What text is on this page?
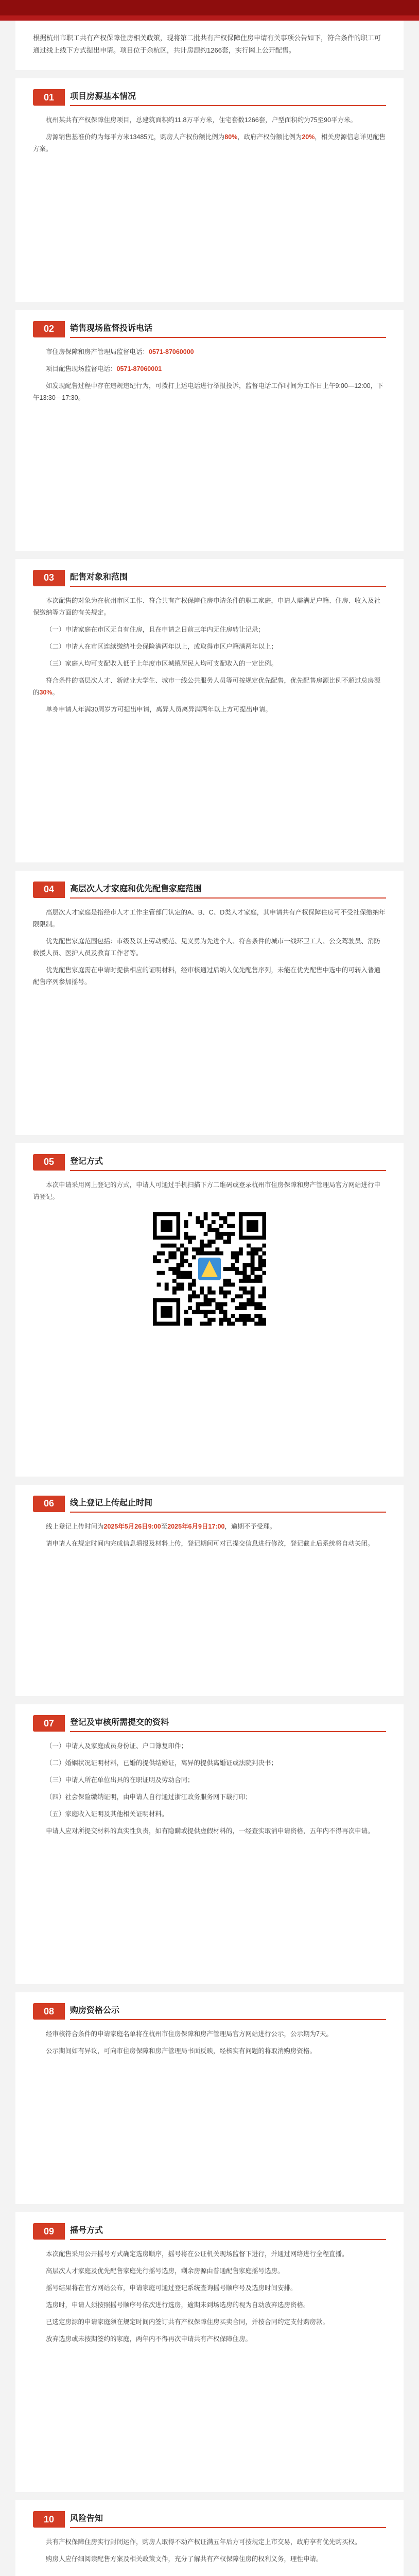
根据杭州市职工共有产权保障住房相关政策，现将第二批共有产权保障住房申请有关事项公告如下，符合条件的职工可通过线上线下方式提出申请。项目位于余杭区，共计房源约1266套，实行网上公开配售。
01	项目房源基本情况

杭州某共有产权保障住房项目，总建筑面积约11.8万平方米，住宅套数1266套，户型面积约为75至90平方米。

房源销售基准价约为每平方米13485元，购房人产权份额比例为80%，政府产权份额比例为20%，相关房源信息详见配售方案。

02	销售现场监督投诉电话

市住房保障和房产管理局监督电话：0571-87060000

项目配售现场监督电话：0571-87060001

如发现配售过程中存在违规违纪行为，可拨打上述电话进行举报投诉，监督电话工作时间为工作日上午9:00—12:00，下午13:30—17:30。

03	配售对象和范围

本次配售的对象为在杭州市区工作、符合共有产权保障住房申请条件的职工家庭，申请人需满足户籍、住房、收入及社保缴纳等方面的有关规定。

（一）申请家庭在市区无自有住房，且在申请之日前三年内无住房转让记录；

（二）申请人在市区连续缴纳社会保险满两年以上，或取得市区户籍满两年以上；

（三）家庭人均可支配收入低于上年度市区城镇居民人均可支配收入的一定比例。

符合条件的高层次人才、新就业大学生、城市一线公共服务人员等可按规定优先配售，优先配售房源比例不超过总房源的30%。

单身申请人年满30周岁方可提出申请，离异人员离异满两年以上方可提出申请。

04	高层次人才家庭和优先配售家庭范围

高层次人才家庭是指经市人才工作主管部门认定的A、B、C、D类人才家庭，其申请共有产权保障住房可不受社保缴纳年限限制。

优先配售家庭范围包括：市级及以上劳动模范、见义勇为先进个人、符合条件的城市一线环卫工人、公交驾驶员、消防救援人员、医护人员及教育工作者等。

优先配售家庭需在申请时提供相应的证明材料，经审核通过后纳入优先配售序列，未能在优先配售中选中的可转入普通配售序列参加摇号。

05	登记方式

本次申请采用网上登记的方式，申请人可通过手机扫描下方二维码或登录杭州市住房保障和房产管理局官方网站进行申请登记。

06	线上登记上传起止时间

线上登记上传时间为2025年5月26日9:00至2025年6月9日17:00，逾期不予受理。

请申请人在规定时间内完成信息填报及材料上传，登记期间可对已提交信息进行修改，登记截止后系统将自动关闭。

07	登记及审核所需提交的资料

（一）申请人及家庭成员身份证、户口簿复印件；

（二）婚姻状况证明材料，已婚的提供结婚证，离异的提供离婚证或法院判决书；

（三）申请人所在单位出具的在职证明及劳动合同；

（四）社会保险缴纳证明，由申请人自行通过浙江政务服务网下载打印；

（五）家庭收入证明及其他相关证明材料。

申请人应对所提交材料的真实性负责，如有隐瞒或提供虚假材料的，一经查实取消申请资格，五年内不得再次申请。

08	购房资格公示

经审核符合条件的申请家庭名单将在杭州市住房保障和房产管理局官方网站进行公示，公示期为7天。

公示期间如有异议，可向市住房保障和房产管理局书面反映，经核实有问题的将取消购房资格。

09	摇号方式

本次配售采用公开摇号方式确定选房顺序，摇号将在公证机关现场监督下进行，并通过网络进行全程直播。

高层次人才家庭及优先配售家庭先行摇号选房，剩余房源由普通配售家庭摇号选房。

摇号结果将在官方网站公布，申请家庭可通过登记系统查询摇号顺序号及选房时间安排。

选房时，申请人须按照摇号顺序号依次进行选房，逾期未到场选房的视为自动放弃选房资格。

已选定房源的申请家庭须在规定时间内签订共有产权保障住房买卖合同，并按合同约定支付购房款。

放弃选房或未按期签约的家庭，两年内不得再次申请共有产权保障住房。

10	风险告知

共有产权保障住房实行封闭运作，购房人取得不动产权证满五年后方可按规定上市交易，政府享有优先购买权。

购房人应仔细阅读配售方案及相关政策文件，充分了解共有产权保障住房的权利义务，理性申请。
